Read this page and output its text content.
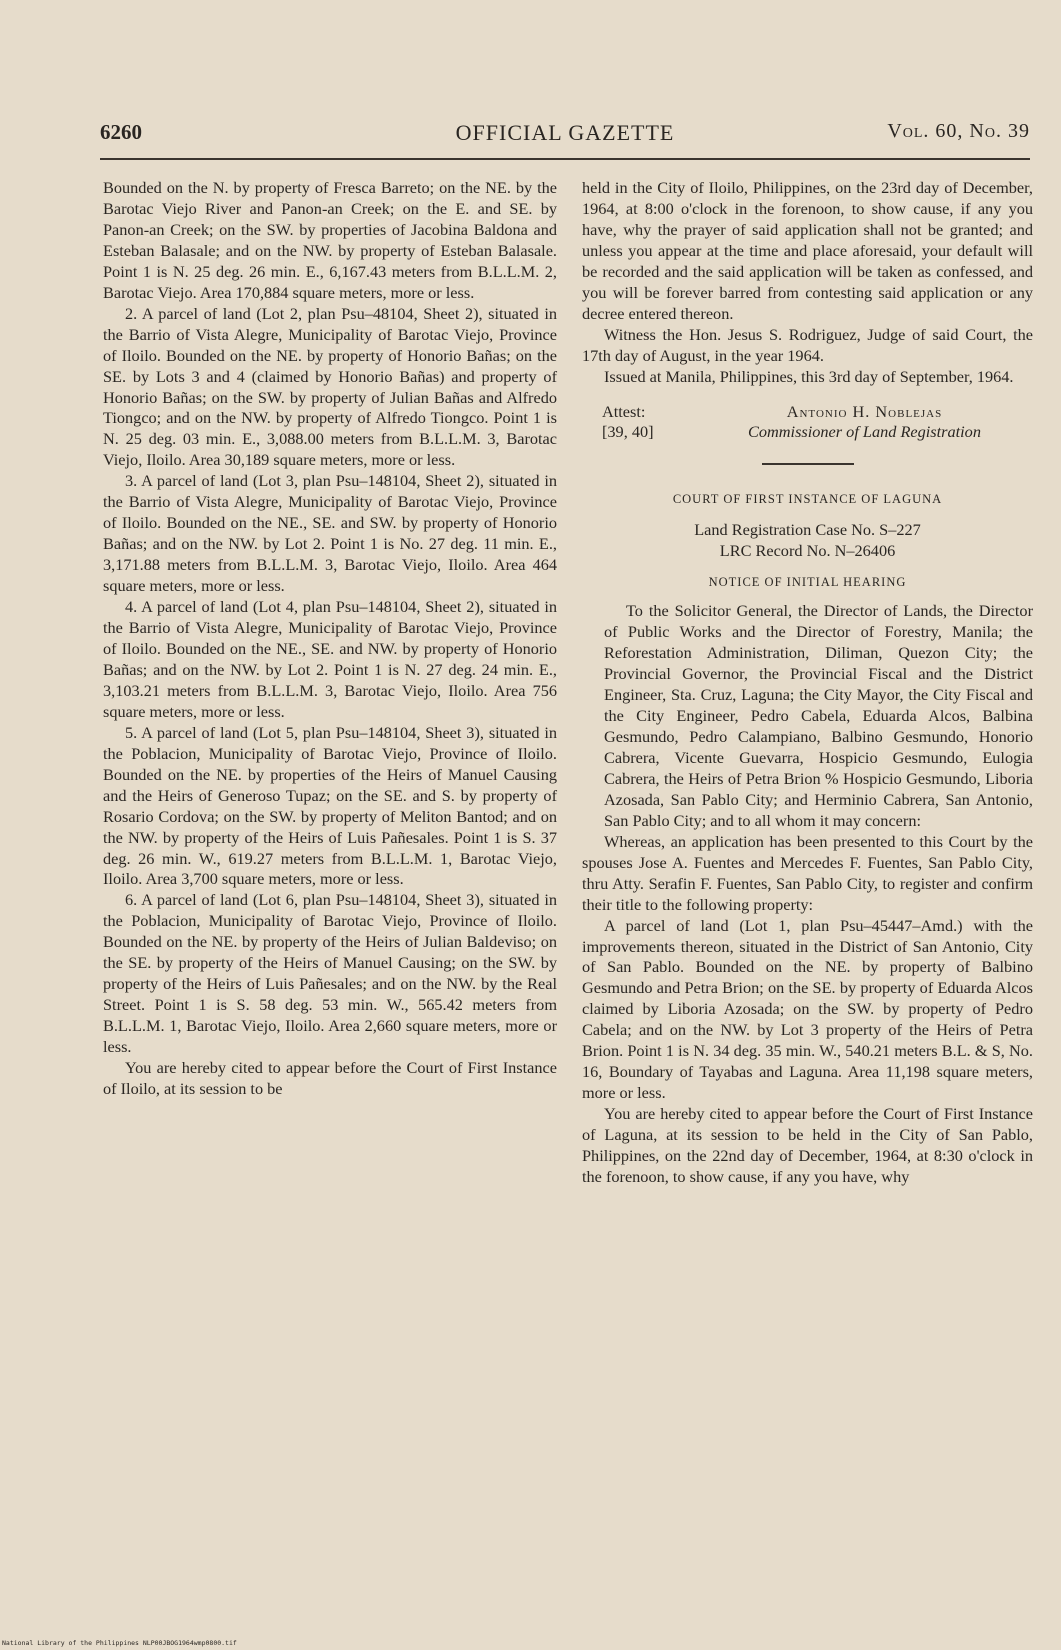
6260	OFFICIAL GAZETTE	Vol. 60, No. 39

Bounded on the N. by property of Fresca Barreto; on the NE. by the Barotac Viejo River and Panon-an Creek; on the E. and SE. by Panon-an Creek; on the SW. by properties of Jacobina Baldona and Esteban Balasale; and on the NW. by property of Esteban Balasale. Point 1 is N. 25 deg. 26 min. E., 6,167.43 meters from B.L.L.M. 2, Barotac Viejo. Area 170,884 square meters, more or less.

2. A parcel of land (Lot 2, plan Psu–48104, Sheet 2), situated in the Barrio of Vista Alegre, Municipality of Barotac Viejo, Province of Iloilo. Bounded on the NE. by property of Honorio Bañas; on the SE. by Lots 3 and 4 (claimed by Honorio Bañas) and property of Honorio Bañas; on the SW. by property of Julian Bañas and Alfredo Tiongco; and on the NW. by property of Alfredo Tiongco. Point 1 is N. 25 deg. 03 min. E., 3,088.00 meters from B.L.L.M. 3, Barotac Viejo, Iloilo. Area 30,189 square meters, more or less.

3. A parcel of land (Lot 3, plan Psu–148104, Sheet 2), situated in the Barrio of Vista Alegre, Municipality of Barotac Viejo, Province of Iloilo. Bounded on the NE., SE. and SW. by property of Honorio Bañas; and on the NW. by Lot 2. Point 1 is No. 27 deg. 11 min. E., 3,171.88 meters from B.L.L.M. 3, Barotac Viejo, Iloilo. Area 464 square meters, more or less.

4. A parcel of land (Lot 4, plan Psu–148104, Sheet 2), situated in the Barrio of Vista Alegre, Municipality of Barotac Viejo, Province of Iloilo. Bounded on the NE., SE. and NW. by property of Honorio Bañas; and on the NW. by Lot 2. Point 1 is N. 27 deg. 24 min. E., 3,103.21 meters from B.L.L.M. 3, Barotac Viejo, Iloilo. Area 756 square meters, more or less.

5. A parcel of land (Lot 5, plan Psu–148104, Sheet 3), situated in the Poblacion, Municipality of Barotac Viejo, Province of Iloilo. Bounded on the NE. by properties of the Heirs of Manuel Causing and the Heirs of Generoso Tupaz; on the SE. and S. by property of Rosario Cordova; on the SW. by property of Meliton Bantod; and on the NW. by property of the Heirs of Luis Pañesales. Point 1 is S. 37 deg. 26 min. W., 619.27 meters from B.L.L.M. 1, Barotac Viejo, Iloilo. Area 3,700 square meters, more or less.

6. A parcel of land (Lot 6, plan Psu–148104, Sheet 3), situated in the Poblacion, Municipality of Barotac Viejo, Province of Iloilo. Bounded on the NE. by property of the Heirs of Julian Baldeviso; on the SE. by property of the Heirs of Manuel Causing; on the SW. by property of the Heirs of Luis Pañesales; and on the NW. by the Real Street. Point 1 is S. 58 deg. 53 min. W., 565.42 meters from B.L.L.M. 1, Barotac Viejo, Iloilo. Area 2,660 square meters, more or less.

You are hereby cited to appear before the Court of First Instance of Iloilo, at its session to be

held in the City of Iloilo, Philippines, on the 23rd day of December, 1964, at 8:00 o'clock in the forenoon, to show cause, if any you have, why the prayer of said application shall not be granted; and unless you appear at the time and place aforesaid, your default will be recorded and the said application will be taken as confessed, and you will be forever barred from contesting said application or any decree entered thereon.

Witness the Hon. Jesus S. Rodriguez, Judge of said Court, the 17th day of August, in the year 1964.

Issued at Manila, Philippines, this 3rd day of September, 1964.

Attest:	Antonio H. Noblejas
[39, 40]	Commissioner of Land Registration
COURT OF FIRST INSTANCE OF LAGUNA
Land Registration Case No. S–227
LRC Record No. N–26406
NOTICE OF INITIAL HEARING

To the Solicitor General, the Director of Lands, the Director of Public Works and the Director of Forestry, Manila; the Reforestation Administration, Diliman, Quezon City; the Provincial Governor, the Provincial Fiscal and the District Engineer, Sta. Cruz, Laguna; the City Mayor, the City Fiscal and the City Engineer, Pedro Cabela, Eduarda Alcos, Balbina Gesmundo, Pedro Calampiano, Balbino Gesmundo, Honorio Cabrera, Vicente Guevarra, Hospicio Gesmundo, Eulogia Cabrera, the Heirs of Petra Brion % Hospicio Gesmundo, Liboria Azosada, San Pablo City; and Herminio Cabrera, San Antonio, San Pablo City; and to all whom it may concern:

Whereas, an application has been presented to this Court by the spouses Jose A. Fuentes and Mercedes F. Fuentes, San Pablo City, thru Atty. Serafin F. Fuentes, San Pablo City, to register and confirm their title to the following property:

A parcel of land (Lot 1, plan Psu–45447–Amd.) with the improvements thereon, situated in the District of San Antonio, City of San Pablo. Bounded on the NE. by property of Balbino Gesmundo and Petra Brion; on the SE. by property of Eduarda Alcos claimed by Liboria Azosada; on the SW. by property of Pedro Cabela; and on the NW. by Lot 3 property of the Heirs of Petra Brion. Point 1 is N. 34 deg. 35 min. W., 540.21 meters B.L. & S, No. 16, Boundary of Tayabas and Laguna. Area 11,198 square meters, more or less.

You are hereby cited to appear before the Court of First Instance of Laguna, at its session to be held in the City of San Pablo, Philippines, on the 22nd day of December, 1964, at 8:30 o'clock in the forenoon, to show cause, if any you have, why

National Library of the Philippines NLP00JBOG1964wmp0800.tif
